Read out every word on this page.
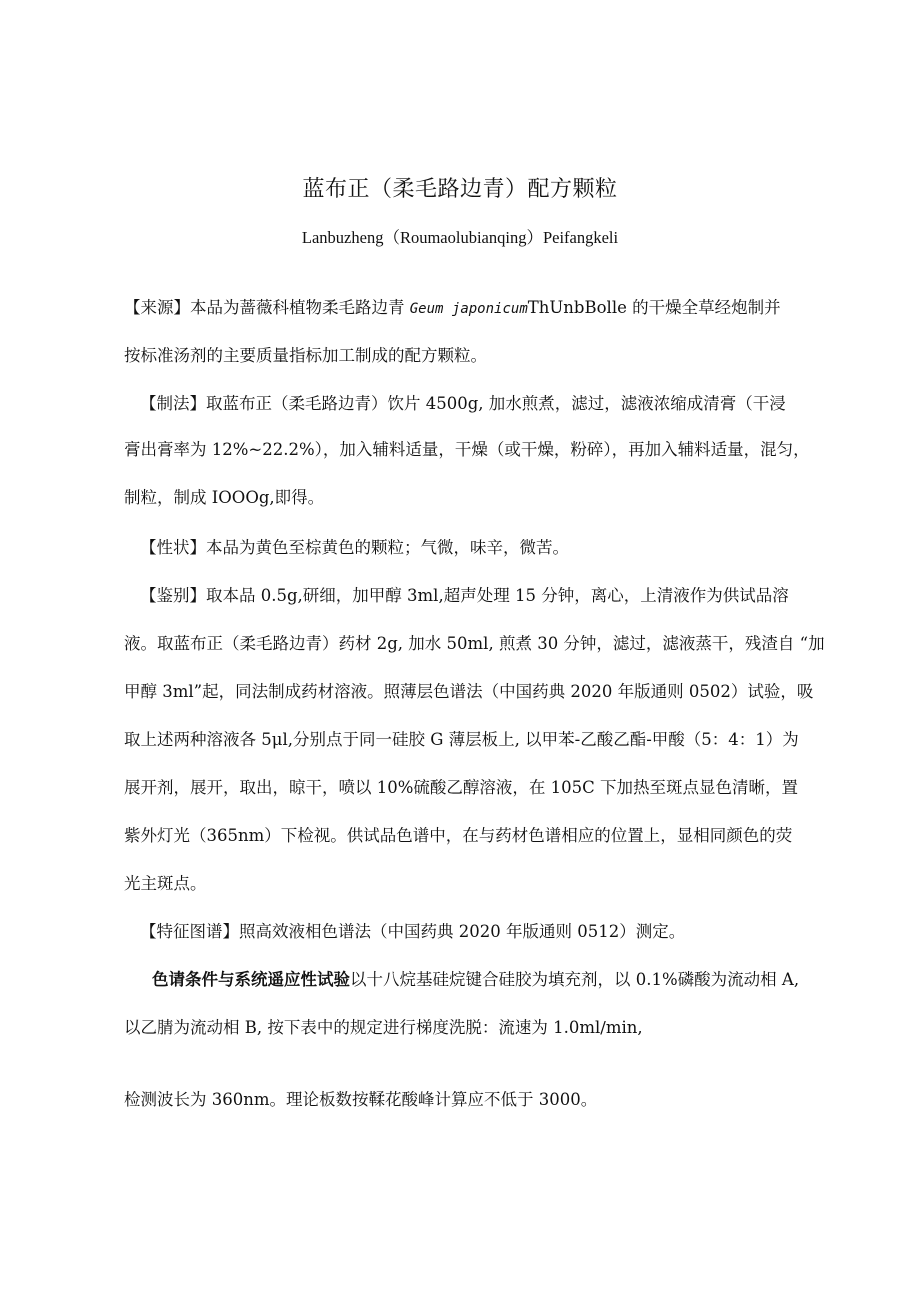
蓝布正（柔毛路边青）配方颗粒
Lanbuzheng（Roumaolubianqing）Peifangkeli
【来源】本品为蔷薇科植物柔毛路边青 Geum japonicumThUnbBolle 的干燥全草经炮制并
按标准汤剂的主要质量指标加工制成的配方颗粒。
【制法】取蓝布正（柔毛路边青）饮片 4500g, 加水煎煮，滤过，滤液浓缩成清膏（干浸
膏出膏率为 12%~22.2%），加入辅料适量，干燥（或干燥，粉碎），再加入辅料适量，混匀，
制粒，制成 IOOOg,即得。
【性状】本品为黄色至棕黄色的颗粒；气微，味辛，微苦。
【鉴别】取本品 0.5g,研细，加甲醇 3ml,超声处理 15 分钟，离心，上清液作为供试品溶
液。取蓝布正（柔毛路边青）药材 2g, 加水 50ml, 煎煮 30 分钟，滤过，滤液蒸干，残渣自 “加
甲醇 3ml”起，同法制成药材溶液。照薄层色谱法（中国药典 2020 年版通则 0502）试验，吸
取上述两种溶液各 5μl,分别点于同一硅胶 G 薄层板上, 以甲苯-乙酸乙酯-甲酸（5：4：1）为
展开剂，展开，取出，晾干，喷以 10%硫酸乙醇溶液，在 105C 下加热至斑点显色清晰，置
紫外灯光（365nm）下检视。供试品色谱中，在与药材色谱相应的位置上，显相同颜色的荧
光主斑点。
【特征图谱】照高效液相色谱法（中国药典 2020 年版通则 0512）测定。
色请条件与系统遥应性试验以十八烷基硅烷键合硅胶为填充剂，以 0.1%磷酸为流动相 A,
以乙腈为流动相 B, 按下表中的规定进行梯度洗脱：流速为 1.0ml∕min,
检测波长为 360nm。理论板数按鞣花酸峰计算应不低于 3000。
